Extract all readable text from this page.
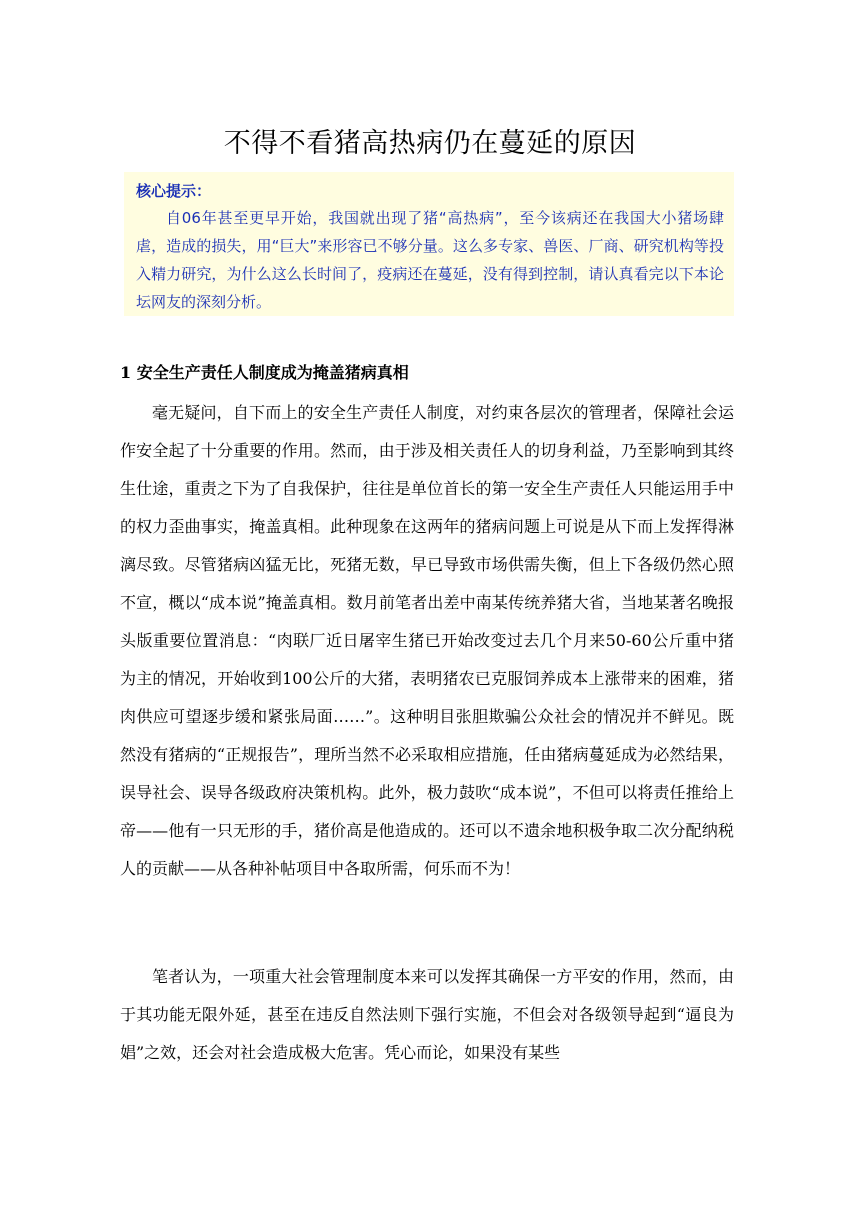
不得不看猪高热病仍在蔓延的原因

核心提示：

自06年甚至更早开始，我国就出现了猪“高热病”，至今该病还在我国大小猪场肆虐，造成的损失，用“巨大”来形容已不够分量。这么多专家、兽医、厂商、研究机构等投入精力研究，为什么这么长时间了，疫病还在蔓延，没有得到控制，请认真看完以下本论坛网友的深刻分析。

1 安全生产责任人制度成为掩盖猪病真相

毫无疑问，自下而上的安全生产责任人制度，对约束各层次的管理者，保障社会运作安全起了十分重要的作用。然而，由于涉及相关责任人的切身利益，乃至影响到其终生仕途，重责之下为了自我保护，往往是单位首长的第一安全生产责任人只能运用手中的权力歪曲事实，掩盖真相。此种现象在这两年的猪病问题上可说是从下而上发挥得淋漓尽致。尽管猪病凶猛无比，死猪无数，早已导致市场供需失衡，但上下各级仍然心照不宣，概以“成本说”掩盖真相。数月前笔者出差中南某传统养猪大省，当地某著名晚报头版重要位置消息：“肉联厂近日屠宰生猪已开始改变过去几个月来50-60公斤重中猪为主的情况，开始收到100公斤的大猪，表明猪农已克服饲养成本上涨带来的困难，猪肉供应可望逐步缓和紧张局面……”。这种明目张胆欺骗公众社会的情况并不鲜见。既然没有猪病的“正规报告”，理所当然不必采取相应措施，任由猪病蔓延成为必然结果，误导社会、误导各级政府决策机构。此外，极力鼓吹“成本说”，不但可以将责任推给上帝——他有一只无形的手，猪价高是他造成的。还可以不遗余地积极争取二次分配纳税人的贡献——从各种补帖项目中各取所需，何乐而不为！

笔者认为，一项重大社会管理制度本来可以发挥其确保一方平安的作用，然而，由于其功能无限外延，甚至在违反自然法则下强行实施，不但会对各级领导起到“逼良为娼”之效，还会对社会造成极大危害。凭心而论，如果没有某些
